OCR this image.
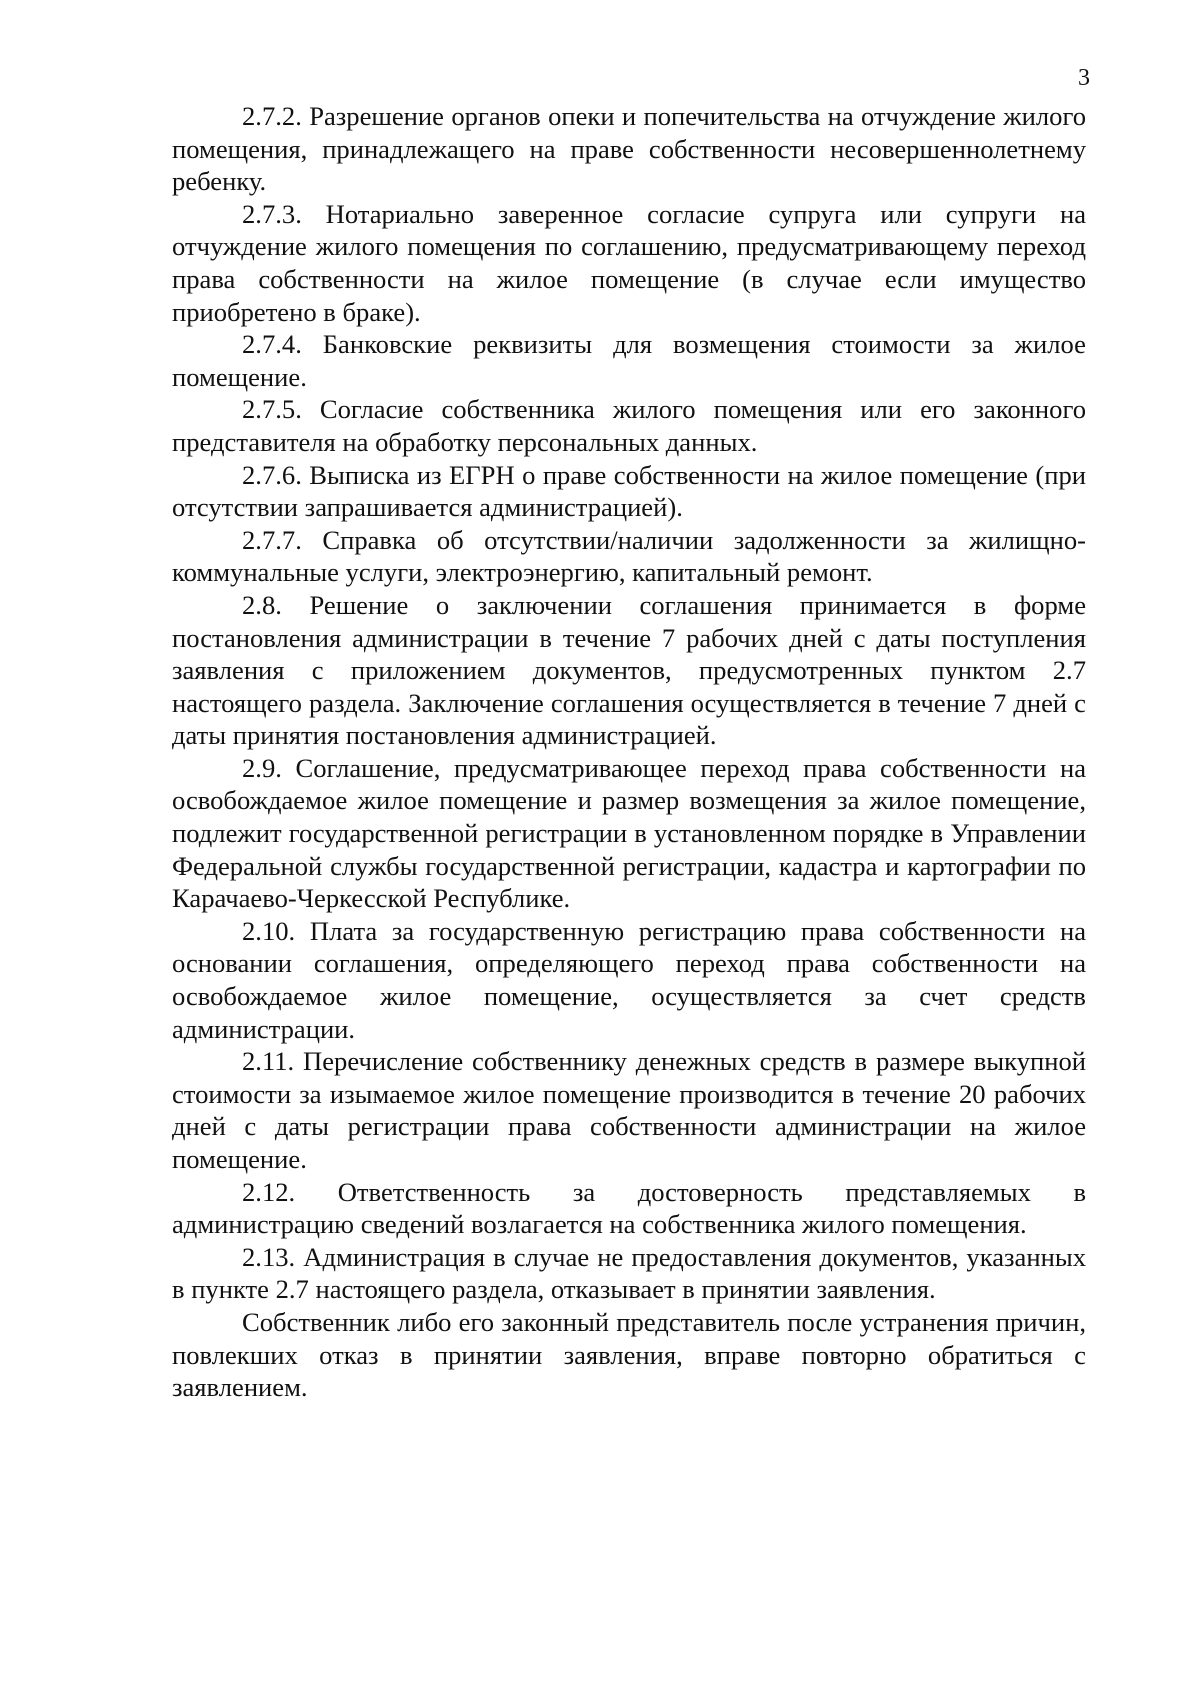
3

2.7.2. Разрешение органов опеки и попечительства на отчуждение жилого помещения, принадлежащего на праве собственности несовершеннолетнему ребенку.

2.7.3. Нотариально заверенное согласие супруга или супруги на отчуждение жилого помещения по соглашению, предусматривающему переход права собственности на жилое помещение (в случае если имущество приобретено в браке).

2.7.4. Банковские реквизиты для возмещения стоимости за жилое помещение.

2.7.5. Согласие собственника жилого помещения или его законного представителя на обработку персональных данных.

2.7.6. Выписка из ЕГРН о праве собственности на жилое помещение (при отсутствии запрашивается администрацией).

2.7.7. Справка об отсутствии/наличии задолженности за жилищно-коммунальные услуги, электроэнергию, капитальный ремонт.

2.8. Решение о заключении соглашения принимается в форме постановления администрации в течение 7 рабочих дней с даты поступления заявления с приложением документов, предусмотренных пунктом 2.7 настоящего раздела. Заключение соглашения осуществляется в течение 7 дней с даты принятия постановления администрацией.

2.9. Соглашение, предусматривающее переход права собственности на освобождаемое жилое помещение и размер возмещения за жилое помещение, подлежит государственной регистрации в установленном порядке в Управлении Федеральной службы государственной регистрации, кадастра и картографии по Карачаево-Черкесской Республике.

2.10. Плата за государственную регистрацию права собственности на основании соглашения, определяющего переход права собственности на освобождаемое жилое помещение, осуществляется за счет средств администрации.

2.11. Перечисление собственнику денежных средств в размере выкупной стоимости за изымаемое жилое помещение производится в течение 20 рабочих дней с даты регистрации права собственности администрации на жилое помещение.

2.12. Ответственность за достоверность представляемых в администрацию сведений возлагается на собственника жилого помещения.

2.13. Администрация в случае не предоставления документов, указанных в пункте 2.7 настоящего раздела, отказывает в принятии заявления.

Собственник либо его законный представитель после устранения причин, повлекших отказ в принятии заявления, вправе повторно обратиться с заявлением.
